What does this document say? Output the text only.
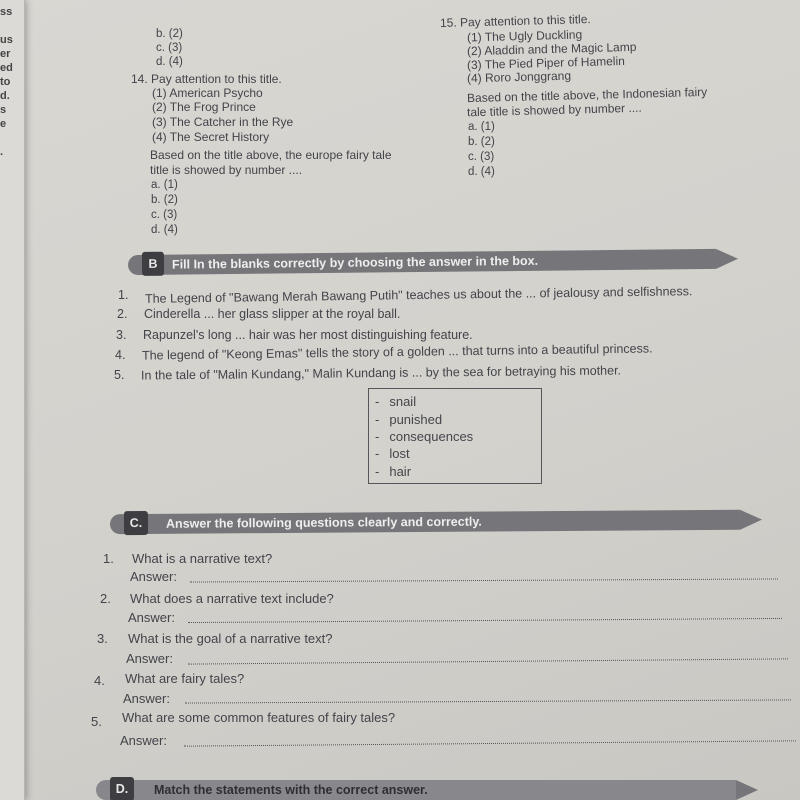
ss
us
er
ed
to
d.
s
e
.
b. (2)
c. (3)
d. (4)
14. Pay attention to this title.
(1) American Psycho
(2) The Frog Prince
(3) The Catcher in the Rye
(4) The Secret History
Based on the title above, the europe fairy tale
title is showed by number ....
a. (1)
b. (2)
c. (3)
d. (4)
15. Pay attention to this title.
(1) The Ugly Duckling
(2) Aladdin and the Magic Lamp
(3) The Pied Piper of Hamelin
(4) Roro Jonggrang
Based on the title above, the Indonesian fairy
tale title is showed by number ....
a. (1)
b. (2)
c. (3)
d. (4)
B	Fill In the blanks correctly by choosing the answer in the box.
1. The Legend of "Bawang Merah Bawang Putih" teaches us about the ... of jealousy and selfishness.
2. Cinderella ... her glass slipper at the royal ball.
3. Rapunzel's long ... hair was her most distinguishing feature.
4. The legend of "Keong Emas" tells the story of a golden ... that turns into a beautiful princess.
5. In the tale of "Malin Kundang," Malin Kundang is ... by the sea for betraying his mother.
- snail
- punished
- consequences
- lost
- hair
C.	Answer the following questions clearly and correctly.
1. What is a narrative text?
Answer:
2. What does a narrative text include?
Answer:
3. What is the goal of a narrative text?
Answer:
4. What are fairy tales?
Answer:
5. What are some common features of fairy tales?
Answer:
D.	Match the statements with the correct answer.
